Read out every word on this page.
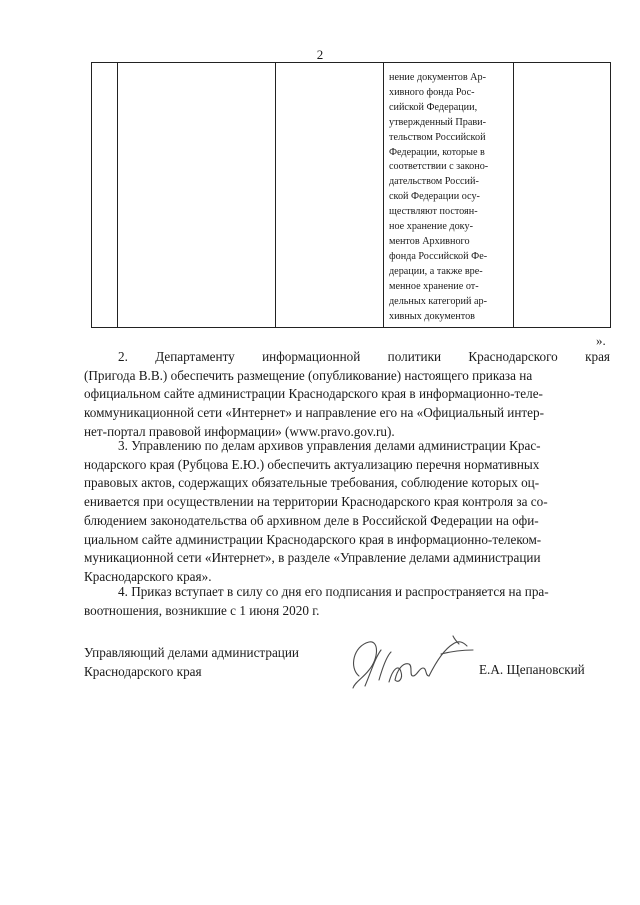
2

нение документов Ар-
хивного фонда Рос-
сийской Федерации,
утвержденный Прави-
тельством Российской
Федерации, которые в
соответствии с законо-
дательством Россий-
ской Федерации осу-
ществляют постоян-
ное хранение доку-
ментов Архивного
фонда Российской Фе-
дерации, а также вре-
менное хранение от-
дельных категорий ар-
хивных документов

».
2. Департаменту информационной политики Краснодарского края
(Пригода В.В.) обеспечить размещение (опубликование) настоящего приказа на
официальном сайте администрации Краснодарского края в информационно-теле-
коммуникационной сети «Интернет» и направление его на «Официальный интер-
нет-портал правовой информации» (www.pravo.gov.ru).
3. Управлению по делам архивов управления делами администрации Крас-
нодарского края (Рубцова Е.Ю.) обеспечить актуализацию перечня нормативных
правовых актов, содержащих обязательные требования, соблюдение которых оц-
енивается при осуществлении на территории Краснодарского края контроля за со-
блюдением законодательства об архивном деле в Российской Федерации на офи-
циальном сайте администрации Краснодарского края в информационно-телеком-
муникационной сети «Интернет», в разделе «Управление делами администрации
Краснодарского края».
4. Приказ вступает в силу со дня его подписания и распространяется на пра-
воотношения, возникшие с 1 июня 2020 г.
Управляющий делами администрации
Краснодарского края	Е.А. Щепановский
